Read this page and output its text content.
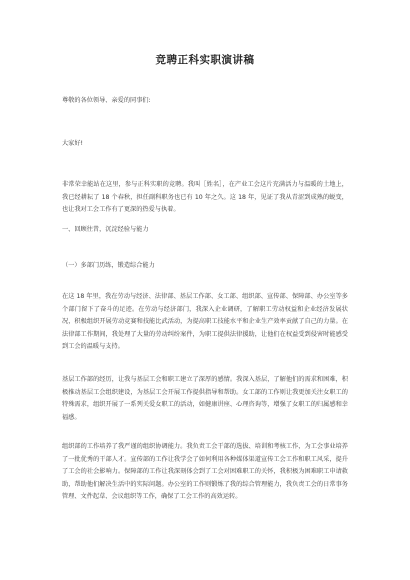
竞聘正科实职演讲稿
尊敬的各位领导、亲爱的同事们:
大家好!
非常荣幸能站在这里，参与正科实职的竞聘。我叫［姓名］，在产业工会这片充满活力与温暖的土地上，我已经耕耘了 18 个春秋，担任副科职务也已有 10 年之久。这 18 年，见证了我从青涩到成熟的蜕变，也让我对工会工作有了更深的热爱与执着。
一、回顾往昔，沉淀经验与能力
（一）多部门历练，锻造综合能力
在这 18 年里，我在劳动与经济、法律部、基层工作部、女工部、组织部、宣传部、保障部、办公室等多个部门留下了奋斗的足迹。在劳动与经济部门，我深入企业调研，了解职工劳动权益和企业经济发展状况，积极组织开展劳动竞赛和技能比武活动，为提高职工技能水平和企业生产效率贡献了自己的力量。在法律部工作期间，我处理了大量的劳动纠纷案件，为职工提供法律援助，让他们在权益受到侵害时能感受到工会的温暖与支持。
基层工作部的经历，让我与基层工会和职工建立了深厚的感情。我深入基层，了解他们的需求和困难，积极推动基层工会组织建设，为基层工会开展工作提供指导和帮助。女工部的工作则让我更加关注女职工的特殊需求，组织开展了一系列关爱女职工的活动，如健康讲座、心理咨询等，增强了女职工的归属感和幸福感。
组织部的工作培养了我严谨的组织协调能力。我负责工会干部的选拔、培训和考核工作，为工会事业培养了一批优秀的干部人才。宣传部的工作让我学会了如何利用各种媒体渠道宣传工会工作和职工风采，提升了工会的社会影响力。保障部的工作让我深刻体会到了工会对困难职工的关怀，我积极为困难职工申请救助，帮助他们解决生活中的实际问题。办公室的工作则锻炼了我的综合管理能力，我负责工会的日常事务管理、文件起草、会议组织等工作，确保了工会工作的高效运转。
